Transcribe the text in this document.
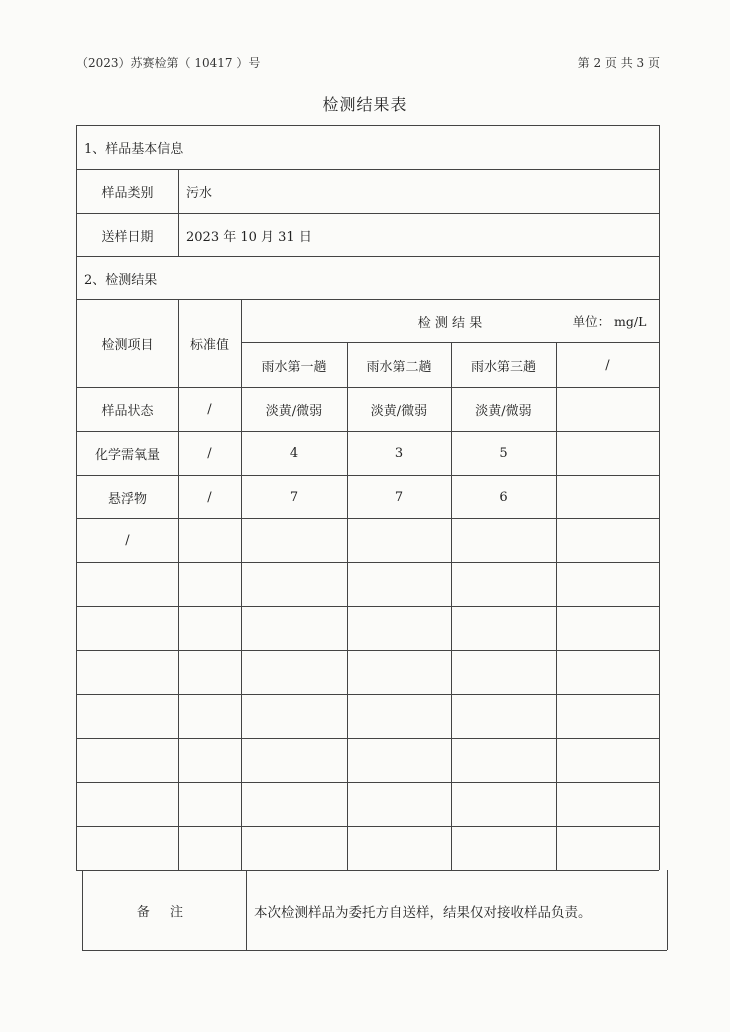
（2023）苏赛检第（ 10417 ）号	第 2 页 共 3 页
检测结果表
1、样品基本信息
样品类别	污水
送样日期	2023 年 10 月 31 日
2、检测结果
检测项目	标准值
检 测 结 果	单位： mg/L
雨水第一趟	雨水第二趟	雨水第三趟	/
样品状态	/	淡黄/微弱	淡黄/微弱	淡黄/微弱
化学需氧量	/	4	3	5
悬浮物	/	7	7	6
/
备 注	本次检测样品为委托方自送样，结果仅对接收样品负责。
